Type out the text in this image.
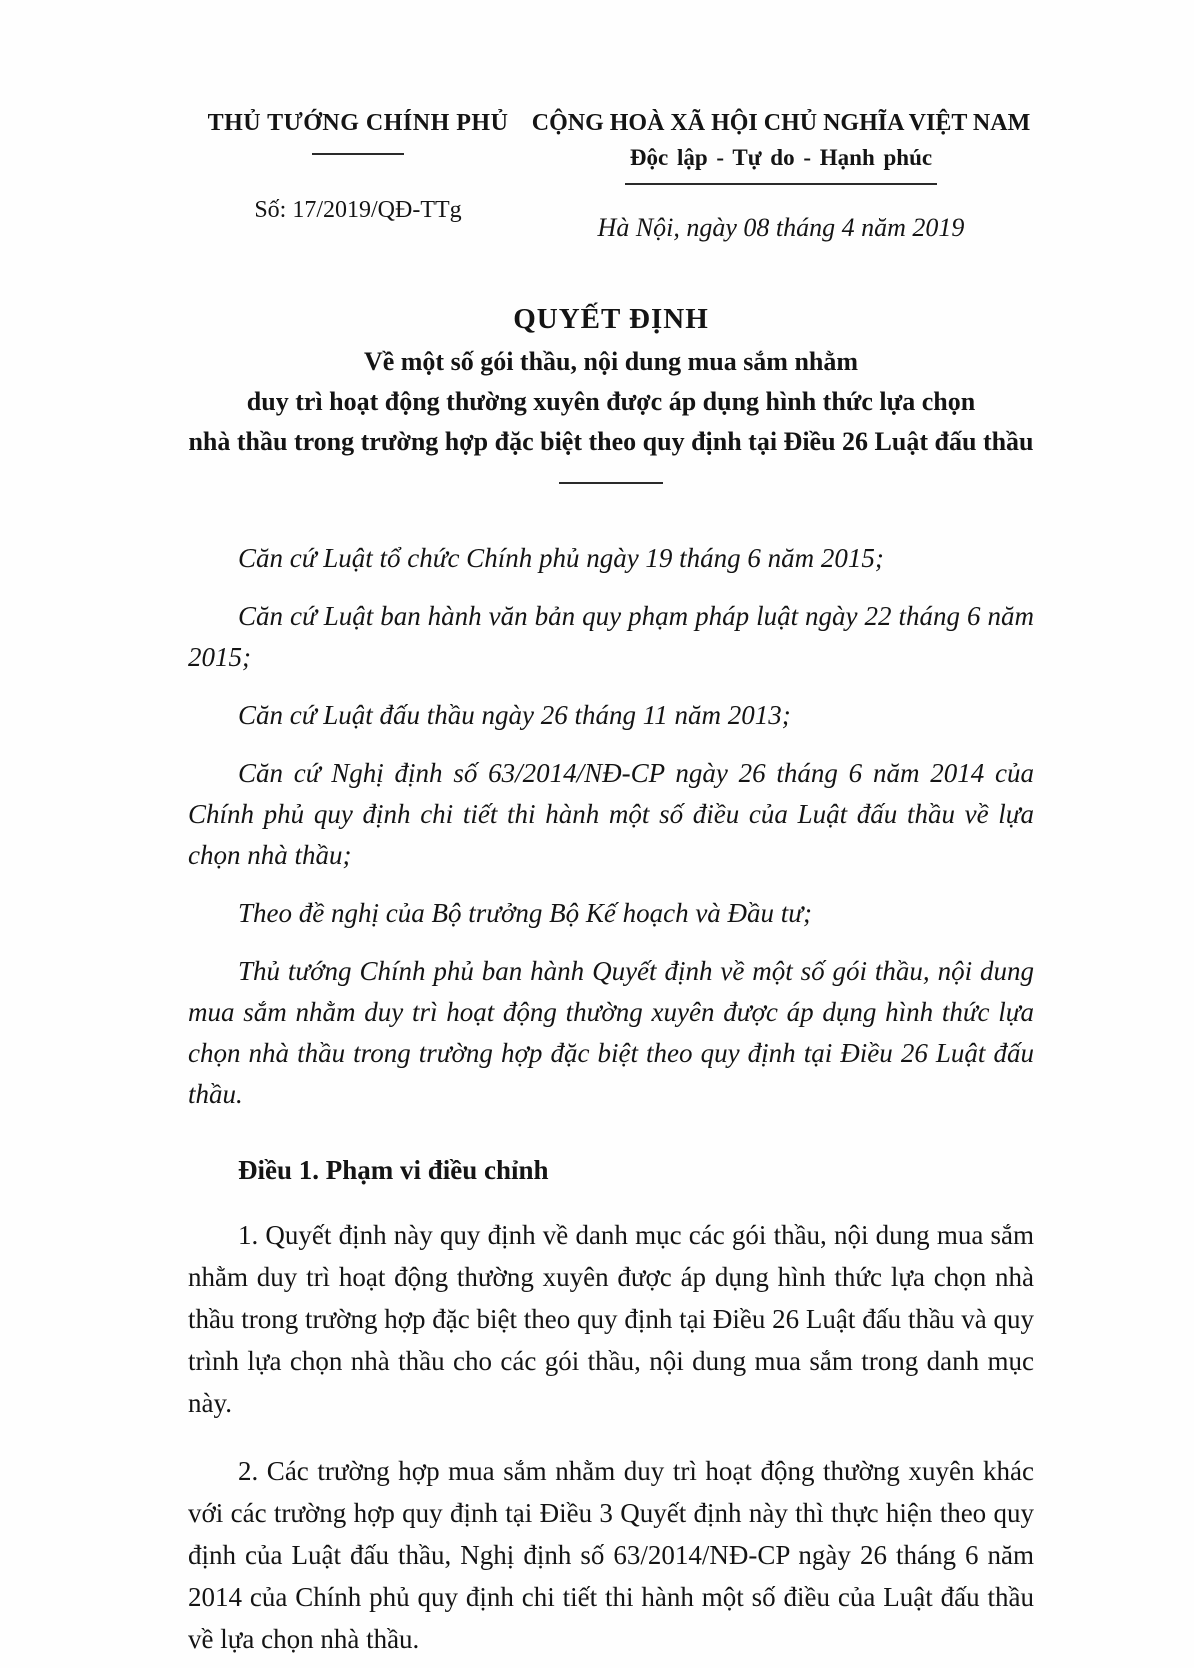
THỦ TƯỚNG CHÍNH PHỦ
Số: 17/2019/QĐ-TTg
CỘNG HOÀ XÃ HỘI CHỦ NGHĨA VIỆT NAM
Độc lập - Tự do - Hạnh phúc
Hà Nội, ngày 08 tháng 4 năm 2019
QUYẾT ĐỊNH
Về một số gói thầu, nội dung mua sắm nhằm
duy trì hoạt động thường xuyên được áp dụng hình thức lựa chọn
nhà thầu trong trường hợp đặc biệt theo quy định tại Điều 26 Luật đấu thầu

Căn cứ Luật tổ chức Chính phủ ngày 19 tháng 6 năm 2015;

Căn cứ Luật ban hành văn bản quy phạm pháp luật ngày 22 tháng 6 năm 2015;

Căn cứ Luật đấu thầu ngày 26 tháng 11 năm 2013;

Căn cứ Nghị định số 63/2014/NĐ-CP ngày 26 tháng 6 năm 2014 của Chính phủ quy định chi tiết thi hành một số điều của Luật đấu thầu về lựa chọn nhà thầu;

Theo đề nghị của Bộ trưởng Bộ Kế hoạch và Đầu tư;

Thủ tướng Chính phủ ban hành Quyết định về một số gói thầu, nội dung mua sắm nhằm duy trì hoạt động thường xuyên được áp dụng hình thức lựa chọn nhà thầu trong trường hợp đặc biệt theo quy định tại Điều 26 Luật đấu thầu.

Điều 1. Phạm vi điều chỉnh

1. Quyết định này quy định về danh mục các gói thầu, nội dung mua sắm nhằm duy trì hoạt động thường xuyên được áp dụng hình thức lựa chọn nhà thầu trong trường hợp đặc biệt theo quy định tại Điều 26 Luật đấu thầu và quy trình lựa chọn nhà thầu cho các gói thầu, nội dung mua sắm trong danh mục này.

2. Các trường hợp mua sắm nhằm duy trì hoạt động thường xuyên khác với các trường hợp quy định tại Điều 3 Quyết định này thì thực hiện theo quy định của Luật đấu thầu, Nghị định số 63/2014/NĐ-CP ngày 26 tháng 6 năm 2014 của Chính phủ quy định chi tiết thi hành một số điều của Luật đấu thầu về lựa chọn nhà thầu.
